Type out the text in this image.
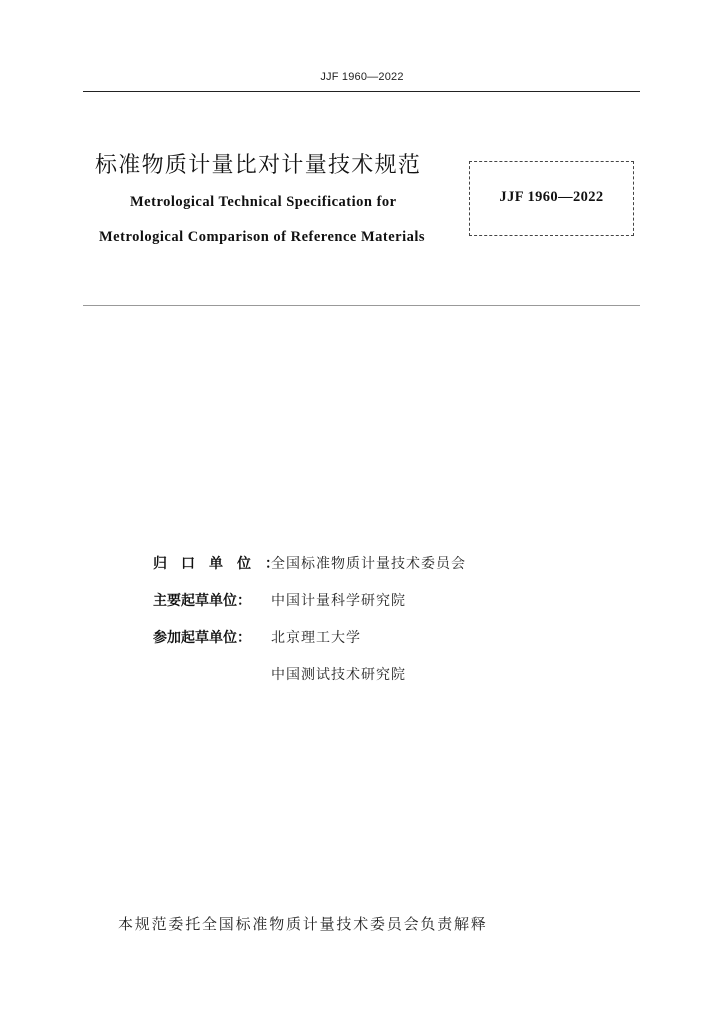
JJF 1960—2022
标准物质计量比对计量技术规范
Metrological Technical Specification for
Metrological Comparison of Reference Materials
JJF 1960—2022
归口单位：
全国标准物质计量技术委员会
主要起草单位：	中国计量科学研究院
参加起草单位：	北京理工大学
中国测试技术研究院
本规范委托全国标准物质计量技术委员会负责解释
